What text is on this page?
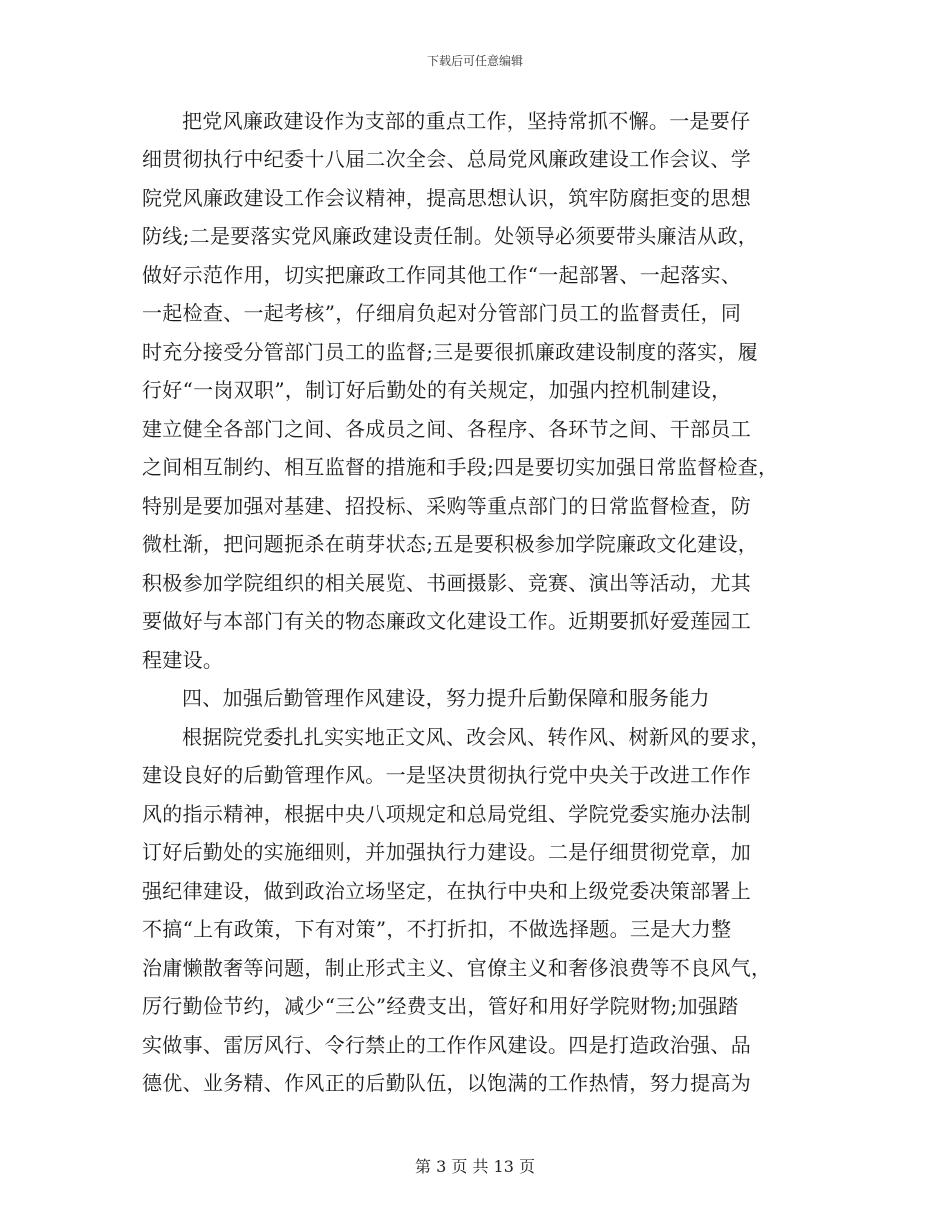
下载后可任意编辑
把党风廉政建设作为支部的重点工作，坚持常抓不懈。一是要仔
细贯彻执行中纪委十八届二次全会、总局党风廉政建设工作会议、学
院党风廉政建设工作会议精神，提高思想认识，筑牢防腐拒变的思想
防线;二是要落实党风廉政建设责任制。处领导必须要带头廉洁从政，
做好示范作用，切实把廉政工作同其他工作“一起部署、一起落实、
一起检查、一起考核”，仔细肩负起对分管部门员工的监督责任，同
时充分接受分管部门员工的监督;三是要很抓廉政建设制度的落实，履
行好“一岗双职”，制订好后勤处的有关规定，加强内控机制建设，
建立健全各部门之间、各成员之间、各程序、各环节之间、干部员工
之间相互制约、相互监督的措施和手段;四是要切实加强日常监督检查，
特别是要加强对基建、招投标、采购等重点部门的日常监督检查，防
微杜渐，把问题扼杀在萌芽状态;五是要积极参加学院廉政文化建设，
积极参加学院组织的相关展览、书画摄影、竞赛、演出等活动，尤其
要做好与本部门有关的物态廉政文化建设工作。近期要抓好爱莲园工
程建设。
四、加强后勤管理作风建设，努力提升后勤保障和服务能力
根据院党委扎扎实实地正文风、改会风、转作风、树新风的要求，
建设良好的后勤管理作风。一是坚决贯彻执行党中央关于改进工作作
风的指示精神，根据中央八项规定和总局党组、学院党委实施办法制
订好后勤处的实施细则，并加强执行力建设。二是仔细贯彻党章，加
强纪律建设，做到政治立场坚定，在执行中央和上级党委决策部署上
不搞“上有政策，下有对策”，不打折扣，不做选择题。三是大力整
治庸懒散奢等问题，制止形式主义、官僚主义和奢侈浪费等不良风气，
厉行勤俭节约，减少“三公”经费支出，管好和用好学院财物;加强踏
实做事、雷厉风行、令行禁止的工作作风建设。四是打造政治强、品
德优、业务精、作风正的后勤队伍，以饱满的工作热情，努力提高为
第 3 页 共 13 页
